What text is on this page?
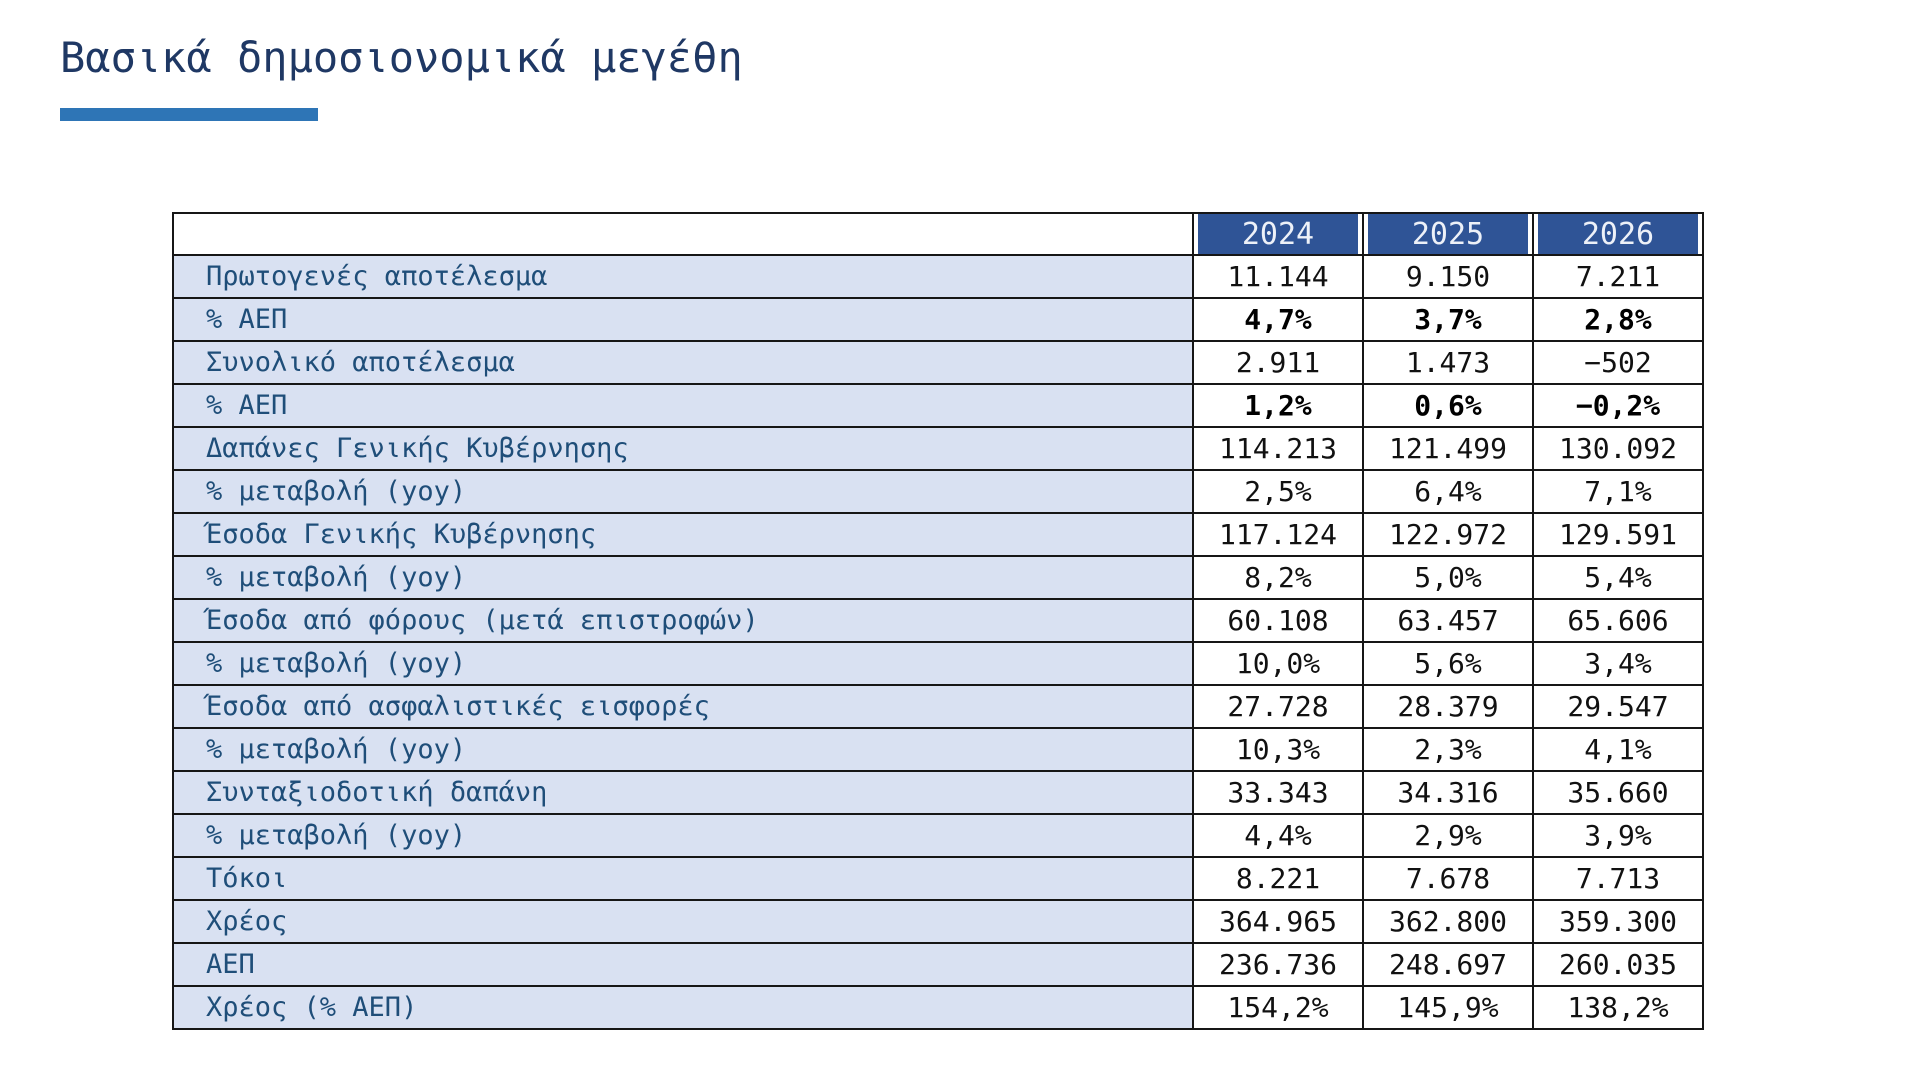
Βασικά δημοσιονομικά μεγέθη
	2024	2025	2026
Πρωτογενές αποτέλεσμα	11.144	9.150	7.211
% ΑΕΠ	4,7%	3,7%	2,8%
Συνολικό αποτέλεσμα	2.911	1.473	−502
% ΑΕΠ	1,2%	0,6%	−0,2%
Δαπάνες Γενικής Κυβέρνησης	114.213	121.499	130.092
% μεταβολή (yoy)	2,5%	6,4%	7,1%
Έσοδα Γενικής Κυβέρνησης	117.124	122.972	129.591
% μεταβολή (yoy)	8,2%	5,0%	5,4%
Έσοδα από φόρους (μετά επιστροφών)	60.108	63.457	65.606
% μεταβολή (yoy)	10,0%	5,6%	3,4%
Έσοδα από ασφαλιστικές εισφορές	27.728	28.379	29.547
% μεταβολή (yoy)	10,3%	2,3%	4,1%
Συνταξιοδοτική δαπάνη	33.343	34.316	35.660
% μεταβολή (yoy)	4,4%	2,9%	3,9%
Τόκοι	8.221	7.678	7.713
Χρέος	364.965	362.800	359.300
ΑΕΠ	236.736	248.697	260.035
Χρέος (% ΑΕΠ)	154,2%	145,9%	138,2%
